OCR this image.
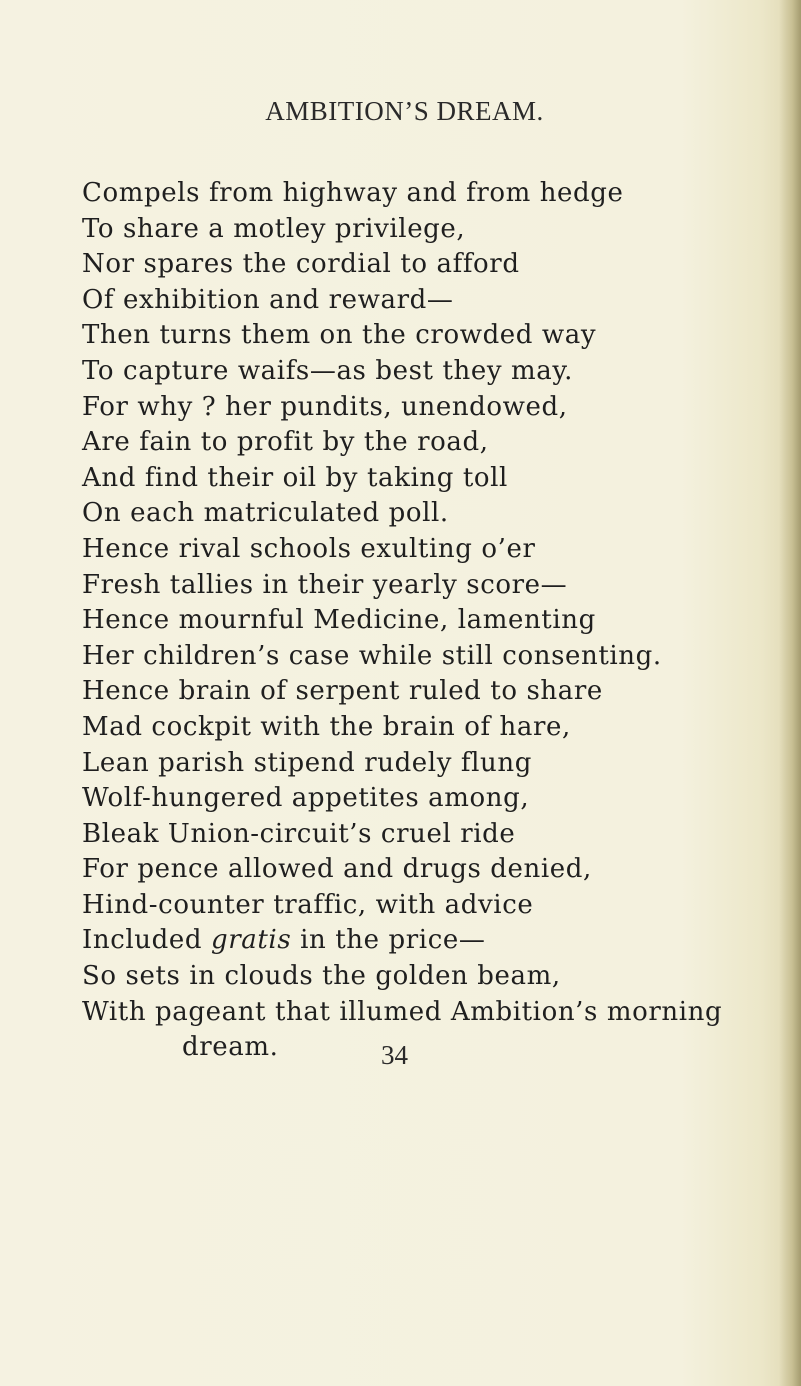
AMBITION’S DREAM.
Compels from highway and from hedge
To share a motley privilege,
Nor spares the cordial to afford
Of exhibition and reward—
Then turns them on the crowded way
To capture waifs—as best they may.
For why ? her pundits, unendowed,
Are fain to profit by the road,
And find their oil by taking toll
On each matriculated poll.
Hence rival schools exulting o’er
Fresh tallies in their yearly score—
Hence mournful Medicine, lamenting
Her children’s case while still consenting.
Hence brain of serpent ruled to share
Mad cockpit with the brain of hare,
Lean parish stipend rudely flung
Wolf-hungered appetites among,
Bleak Union-circuit’s cruel ride
For pence allowed and drugs denied,
Hind-counter traffic, with advice
Included gratis in the price—
So sets in clouds the golden beam,
With pageant that illumed Ambition’s morning
dream.	34
